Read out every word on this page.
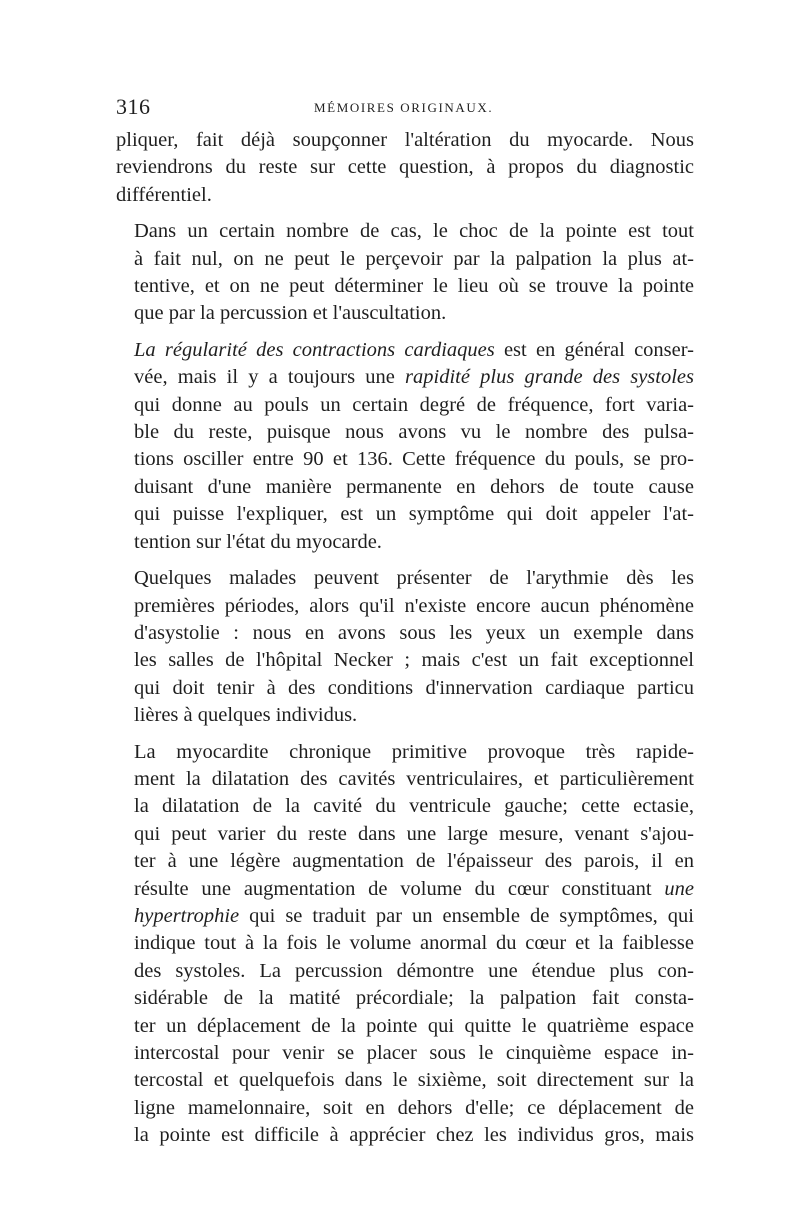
316	MÉMOIRES ORIGINAUX.

pliquer, fait déjà soupçonner l'altération du myocarde. Nous
reviendrons du reste sur cette question, à propos du diagnostic
différentiel.

Dans un certain nombre de cas, le choc de la pointe est tout
à fait nul, on ne peut le perçevoir par la palpation la plus at-
tentive, et on ne peut déterminer le lieu où se trouve la pointe
que par la percussion et l'auscultation.

La régularité des contractions cardiaques est en général conser-
vée, mais il y a toujours une rapidité plus grande des systoles
qui donne au pouls un certain degré de fréquence, fort varia-
ble du reste, puisque nous avons vu le nombre des pulsa-
tions osciller entre 90 et 136. Cette fréquence du pouls, se pro-
duisant d'une manière permanente en dehors de toute cause
qui puisse l'expliquer, est un symptôme qui doit appeler l'at-
tention sur l'état du myocarde.

Quelques malades peuvent présenter de l'arythmie dès les
premières périodes, alors qu'il n'existe encore aucun phénomène
d'asystolie : nous en avons sous les yeux un exemple dans
les salles de l'hôpital Necker ; mais c'est un fait exceptionnel
qui doit tenir à des conditions d'innervation cardiaque particu
lières à quelques individus.

La myocardite chronique primitive provoque très rapide-
ment la dilatation des cavités ventriculaires, et particulièrement
la dilatation de la cavité du ventricule gauche; cette ectasie,
qui peut varier du reste dans une large mesure, venant s'ajou-
ter à une légère augmentation de l'épaisseur des parois, il en
résulte une augmentation de volume du cœur constituant une
hypertrophie qui se traduit par un ensemble de symptômes, qui
indique tout à la fois le volume anormal du cœur et la faiblesse
des systoles. La percussion démontre une étendue plus con-
sidérable de la matité précordiale; la palpation fait consta-
ter un déplacement de la pointe qui quitte le quatrième espace
intercostal pour venir se placer sous le cinquième espace in-
tercostal et quelquefois dans le sixième, soit directement sur la
ligne mamelonnaire, soit en dehors d'elle; ce déplacement de
la pointe est difficile à apprécier chez les individus gros, mais
